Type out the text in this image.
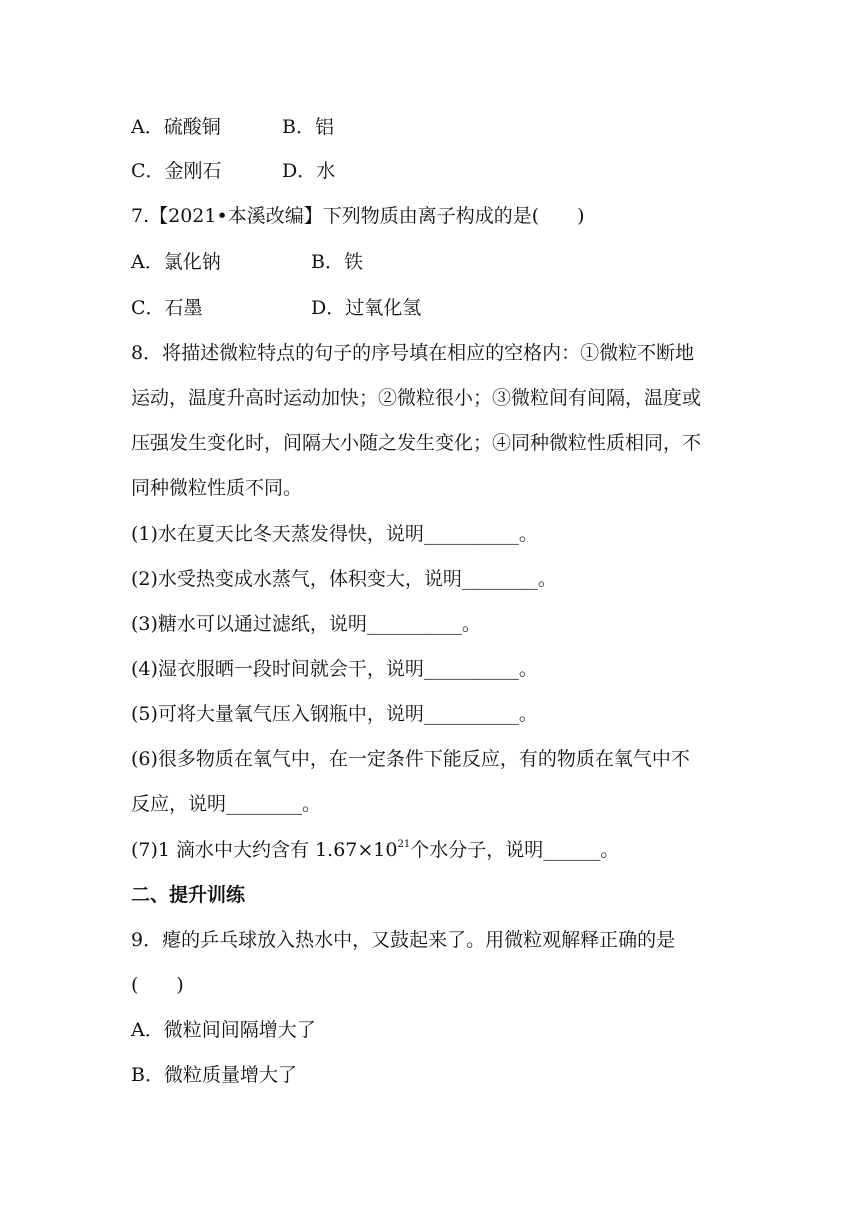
A．硫酸铜	B．铝
C．金刚石	D．水
7.【2021•本溪改编】下列物质由离子构成的是(　　)
A．氯化钠	B．铁
C．石墨	D．过氧化氢
8．将描述微粒特点的句子的序号填在相应的空格内：①微粒不断地
运动，温度升高时运动加快；②微粒很小；③微粒间有间隔，温度或
压强发生变化时，间隔大小随之发生变化；④同种微粒性质相同，不
同种微粒性质不同。
(1)水在夏天比冬天蒸发得快，说明__________。
(2)水受热变成水蒸气，体积变大，说明________。
(3)糖水可以通过滤纸，说明__________。
(4)湿衣服晒一段时间就会干，说明__________。
(5)可将大量氧气压入钢瓶中，说明__________。
(6)很多物质在氧气中，在一定条件下能反应，有的物质在氧气中不
反应，说明________。
(7)1 滴水中大约含有 $1.67\times 10^{21}$个水分子，说明______。
二、提升训练
9．瘪的乒乓球放入热水中，又鼓起来了。用微粒观解释正确的是
(　　)
A．微粒间间隔增大了
B．微粒质量增大了
